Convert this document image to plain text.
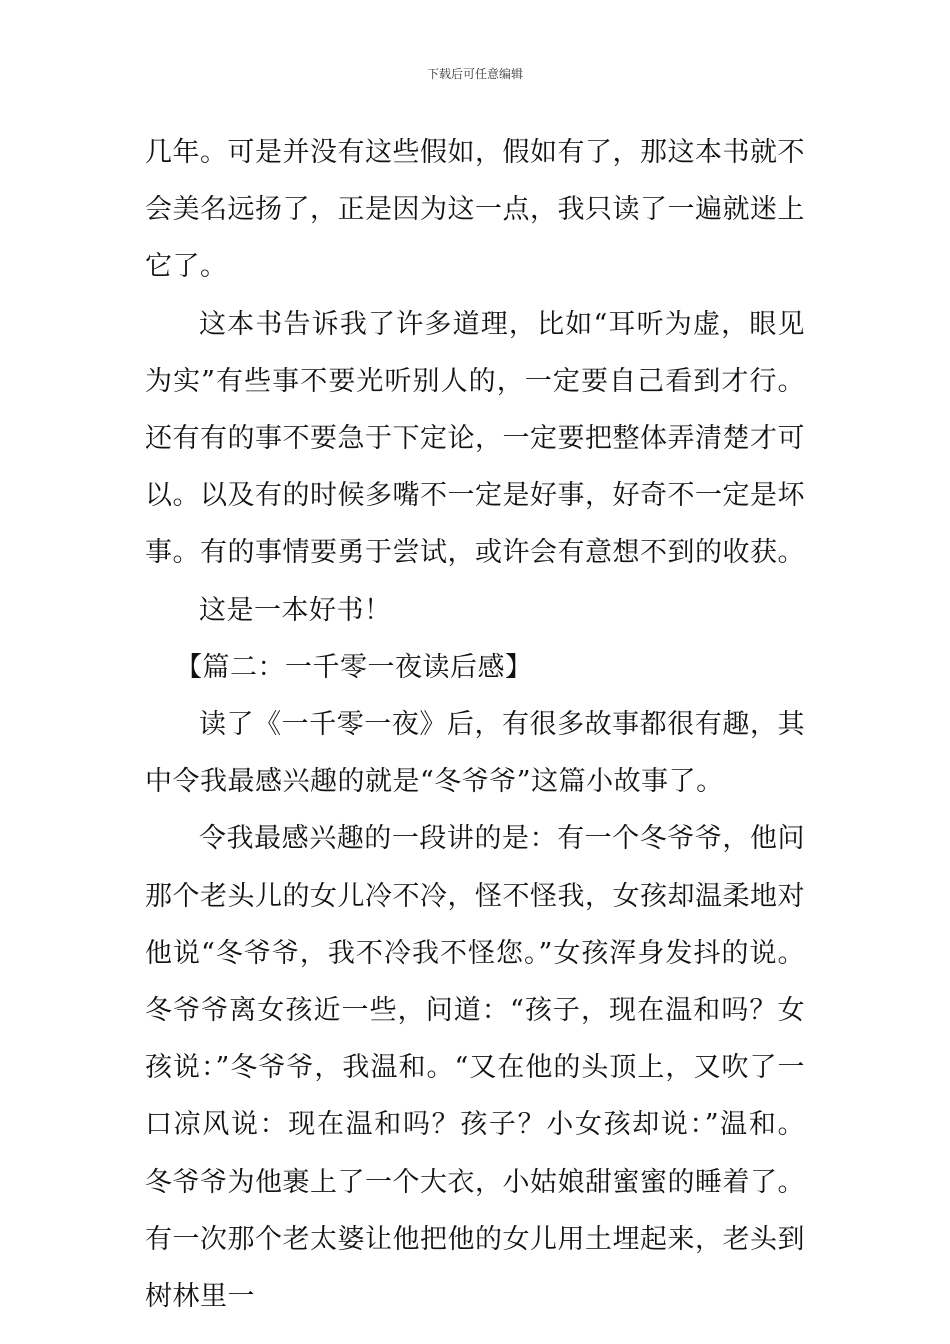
下载后可任意编辑

几年。可是并没有这些假如，假如有了，那这本书就不会美名远扬了，正是因为这一点，我只读了一遍就迷上它了。

这本书告诉我了许多道理，比如“耳听为虚，眼见为实”有些事不要光听别人的，一定要自己看到才行。还有有的事不要急于下定论，一定要把整体弄清楚才可以。以及有的时候多嘴不一定是好事，好奇不一定是坏事。有的事情要勇于尝试，或许会有意想不到的收获。

这是一本好书！

【篇二：一千零一夜读后感】

读了《一千零一夜》后，有很多故事都很有趣，其中令我最感兴趣的就是“冬爷爷”这篇小故事了。

令我最感兴趣的一段讲的是：有一个冬爷爷，他问那个老头儿的女儿冷不冷，怪不怪我，女孩却温柔地对他说“冬爷爷，我不冷我不怪您。”女孩浑身发抖的说。冬爷爷离女孩近一些，问道：“孩子，现在温和吗？女孩说：”冬爷爷，我温和。“又在他的头顶上，又吹了一口凉风说：现在温和吗？孩子？小女孩却说：”温和。冬爷爷为他裹上了一个大衣，小姑娘甜蜜蜜的睡着了。有一次那个老太婆让他把他的女儿用土埋起来，老头到树林里一
